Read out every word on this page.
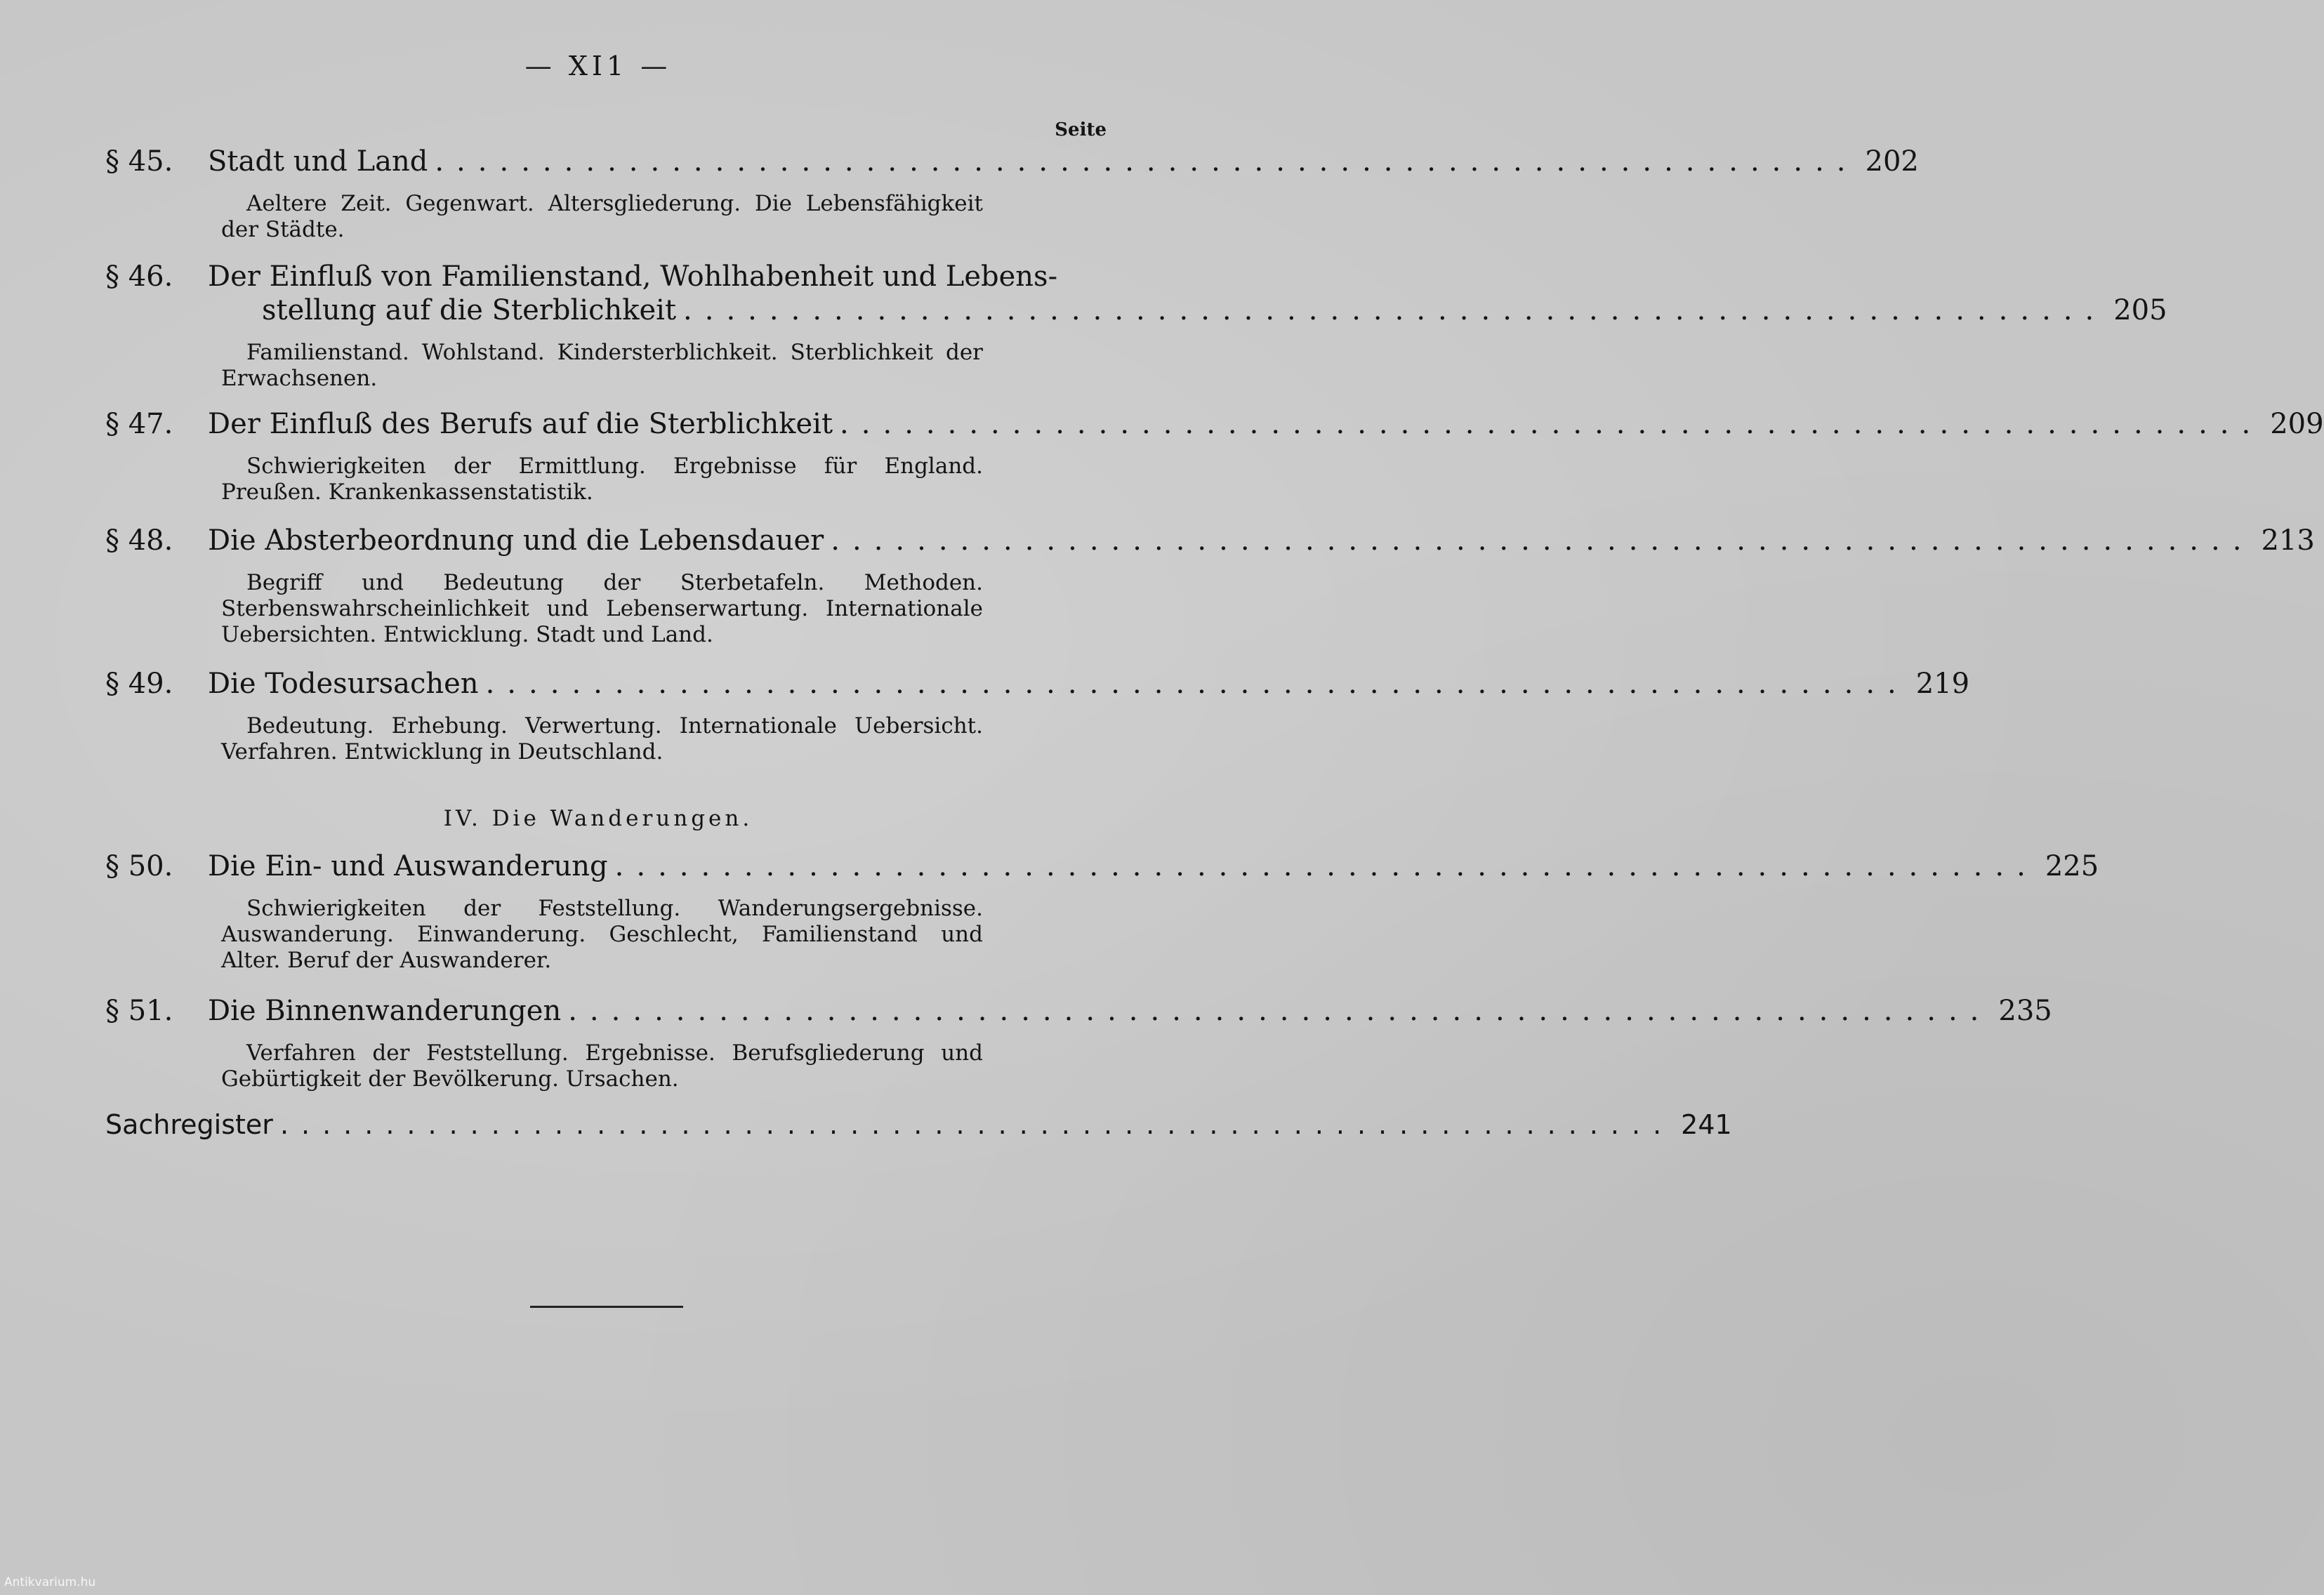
— XI1 —
Seite
§ 45.	Stadt und Land .................................................................. 202
Aeltere Zeit. Gegenwart. Altersgliederung. Die Lebensfähigkeit der Städte.
§ 46.	Der Einfluß von Familienstand, Wohlhabenheit und Lebens-
stellung auf die Sterblichkeit .................................................................. 205
Familienstand. Wohlstand. Kindersterblichkeit. Sterblichkeit der Erwachsenen.
§ 47.	Der Einfluß des Berufs auf die Sterblichkeit .................................................................. 209
Schwierigkeiten der Ermittlung. Ergebnisse für England. Preußen. Krankenkassenstatistik.
§ 48.	Die Absterbeordnung und die Lebensdauer .................................................................. 213
Begriff und Bedeutung der Sterbetafeln. Methoden. Sterbenswahrscheinlichkeit und Lebenserwartung. Internationale Uebersichten. Entwicklung. Stadt und Land.
§ 49.	Die Todesursachen .................................................................. 219
Bedeutung. Erhebung. Verwertung. Internationale Uebersicht. Verfahren. Entwicklung in Deutschland.
IV. Die Wanderungen.
§ 50.	Die Ein- und Auswanderung .................................................................. 225
Schwierigkeiten der Feststellung. Wanderungsergebnisse. Auswanderung. Einwanderung. Geschlecht, Familienstand und Alter. Beruf der Auswanderer.
§ 51.	Die Binnenwanderungen .................................................................. 235
Verfahren der Feststellung. Ergebnisse. Berufsgliederung und Gebürtigkeit der Bevölkerung. Ursachen.
Sachregister .................................................................. 241
Antikvarium.hu
